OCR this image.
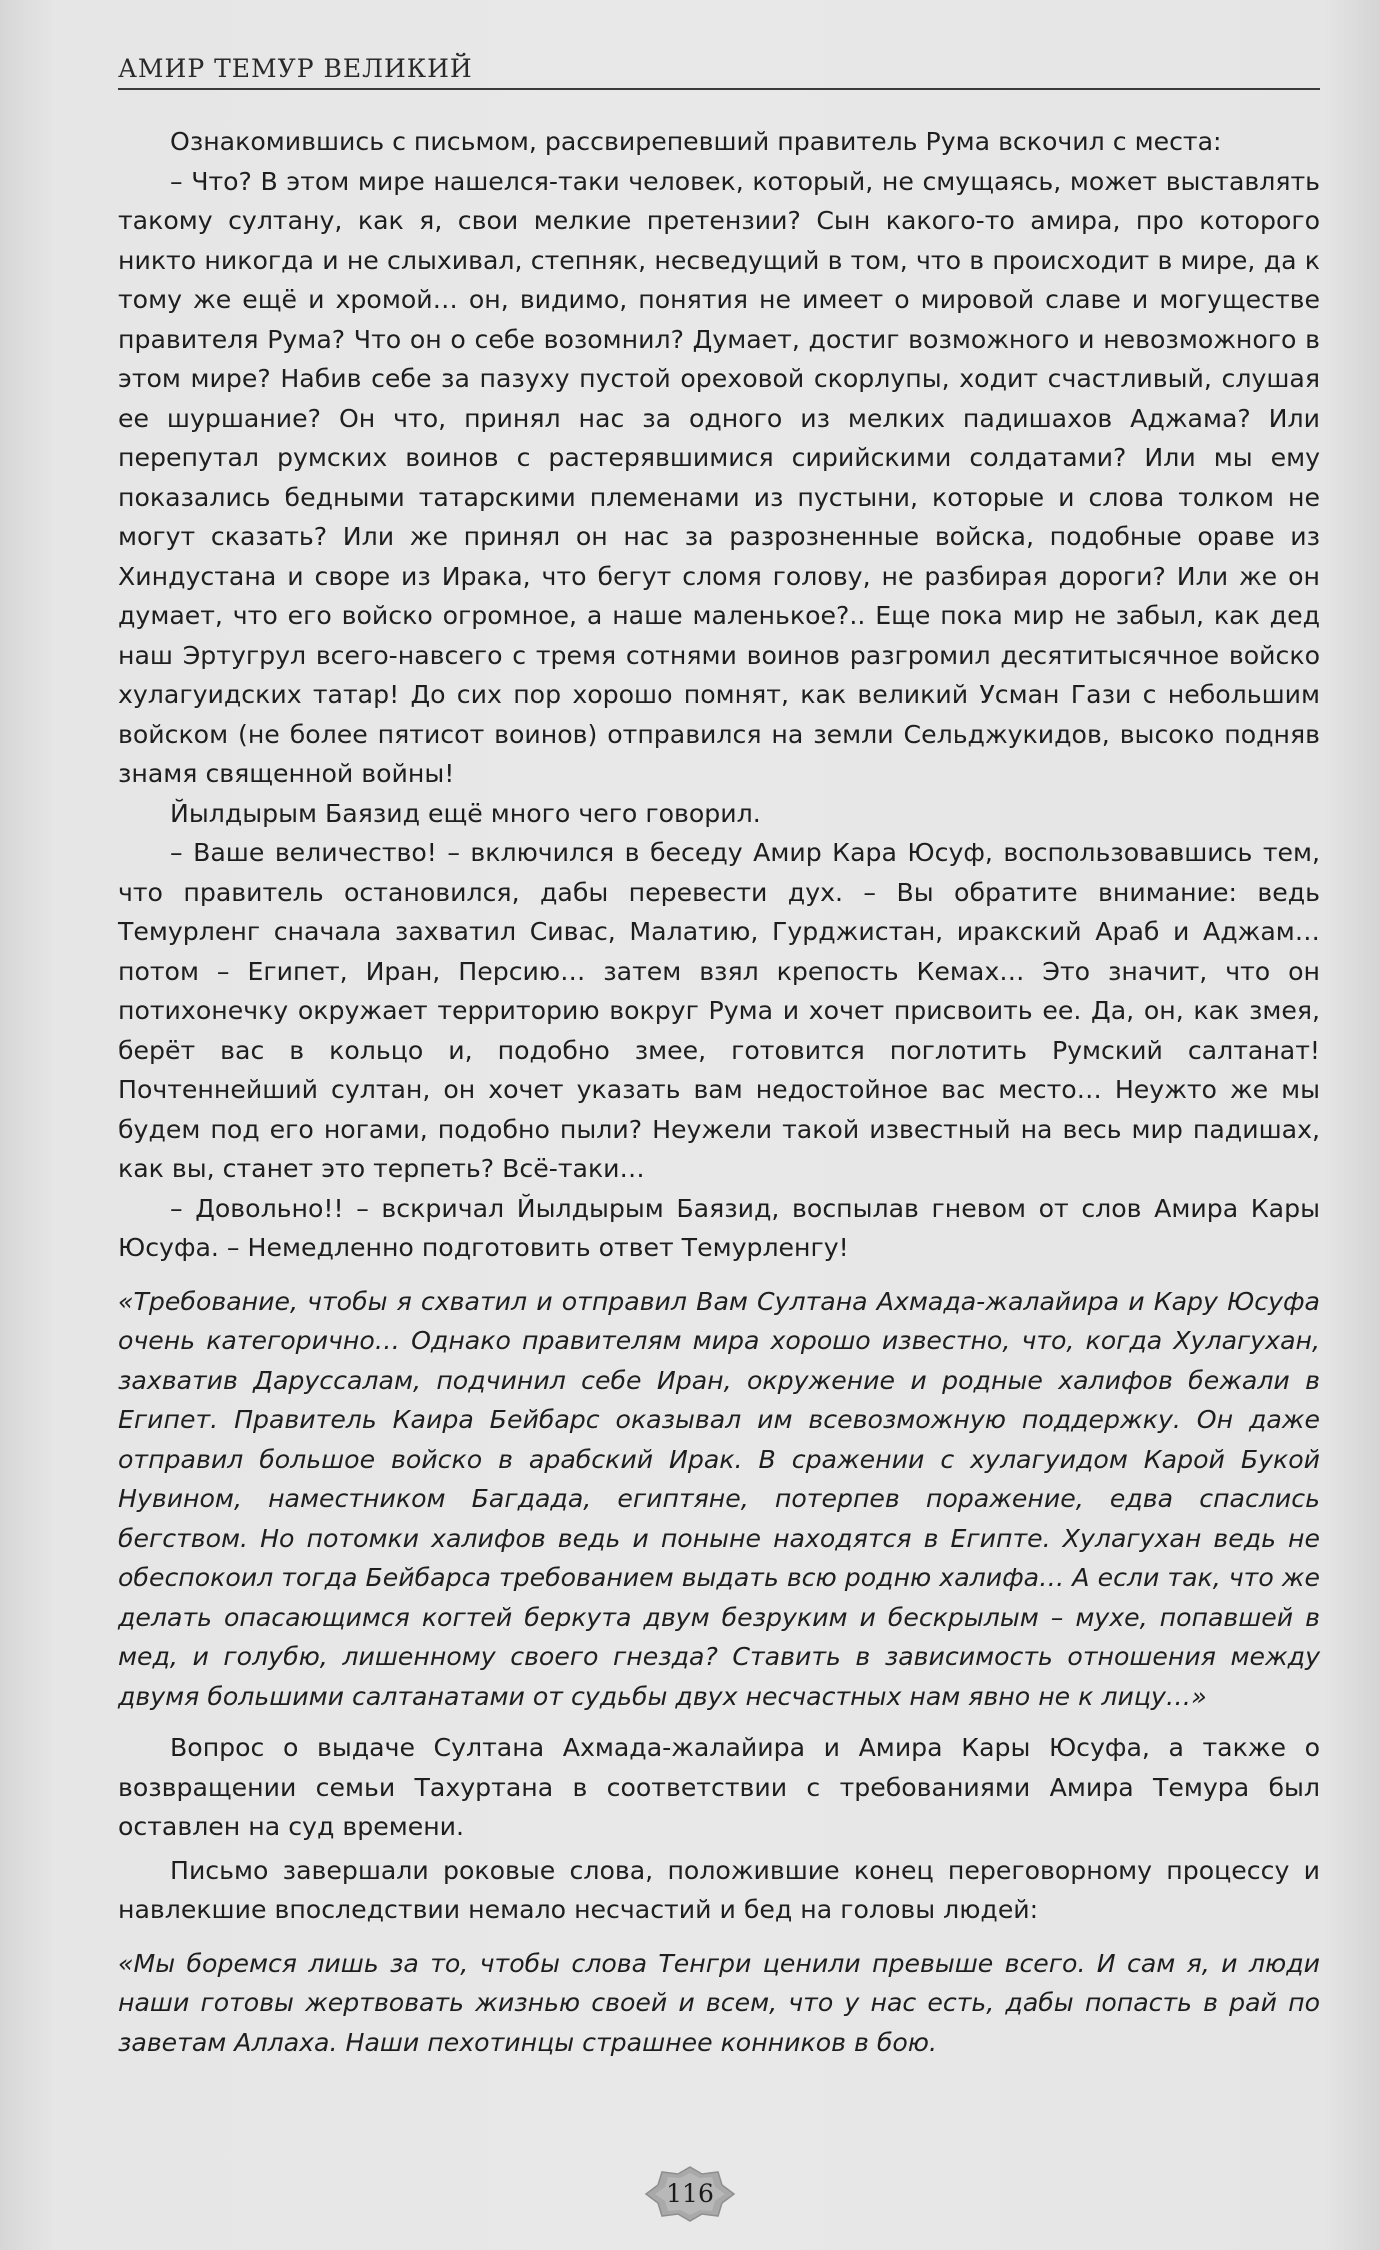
АМИР ТЕМУР ВЕЛИКИЙ

Ознакомившись с письмом, рассвирепевший правитель Рума вскочил с места:

– Что? В этом мире нашелся-таки человек, который, не смущаясь, может выставлять такому султану, как я, свои мелкие претензии? Сын какого-то амира, про которого никто никогда и не слыхивал, степняк, несведущий в том, что в происходит в мире, да к тому же ещё и хромой… он, видимо, понятия не имеет о мировой славе и могуществе правителя Рума? Что он о себе возомнил? Думает, достиг возможного и невозможного в этом мире? Набив себе за пазуху пустой ореховой скорлупы, ходит счастливый, слушая ее шуршание? Он что, принял нас за одного из мелких падишахов Аджама? Или перепутал румских воинов с растерявшимися сирийскими солдатами? Или мы ему показались бедными татарскими племенами из пустыни, которые и слова толком не могут сказать? Или же принял он нас за разрозненные войска, подобные ораве из Хиндустана и своре из Ирака, что бегут сломя голову, не разбирая дороги? Или же он думает, что его войско огромное, а наше маленькое?.. Еще пока мир не забыл, как дед наш Эртугрул всего-навсего с тремя сотнями воинов разгромил десятитысячное войско хулагуидских татар! До сих пор хорошо помнят, как великий Усман Гази с небольшим войском (не более пятисот воинов) отправился на земли Сельджукидов, высоко подняв знамя священной войны!

Йылдырым Баязид ещё много чего говорил.

– Ваше величество! – включился в беседу Амир Кара Юсуф, воспользовавшись тем, что правитель остановился, дабы перевести дух. – Вы обратите внимание: ведь Темурленг сначала захватил Сивас, Малатию, Гурджистан, иракский Араб и Аджам… потом – Египет, Иран, Персию… затем взял крепость Кемах… Это значит, что он потихонечку окружает территорию вокруг Рума и хочет присвоить ее. Да, он, как змея, берёт вас в кольцо и, подобно змее, готовится поглотить Румский салтанат! Почтеннейший султан, он хочет указать вам недостойное вас место… Неужто же мы будем под его ногами, подобно пыли? Неужели такой известный на весь мир падишах, как вы, станет это терпеть? Всё-таки…

– Довольно!! – вскричал Йылдырым Баязид, воспылав гневом от слов Амира Кары Юсуфа. – Немедленно подготовить ответ Темурленгу!

«Требование, чтобы я схватил и отправил Вам Султана Ахмада-жалайира и Кару Юсуфа очень категорично… Однако правителям мира хорошо известно, что, когда Хулагухан, захватив Даруссалам, подчинил себе Иран, окружение и родные халифов бежали в Египет. Правитель Каира Бейбарс оказывал им всевозможную поддержку. Он даже отправил большое войско в арабский Ирак. В сражении с хулагуидом Карой Букой Нувином, наместником Багдада, египтяне, потерпев поражение, едва спаслись бегством. Но потомки халифов ведь и поныне находятся в Египте. Хулагухан ведь не обеспокоил тогда Бейбарса требованием выдать всю родню халифа… А если так, что же делать опасающимся когтей беркута двум безруким и бескрылым – мухе, попавшей в мед, и голубю, лишенному своего гнезда? Ставить в зависимость отношения между двумя большими салтанатами от судьбы двух несчастных нам явно не к лицу…»

Вопрос о выдаче Султана Ахмада-жалайира и Амира Кары Юсуфа, а также о возвращении семьи Тахуртана в соответствии с требованиями Амира Темура был оставлен на суд времени.

Письмо завершали роковые слова, положившие конец переговорному процессу и навлекшие впоследствии немало несчастий и бед на головы людей:

«Мы боремся лишь за то, чтобы слова Тенгри ценили превыше всего. И сам я, и люди наши готовы жертвовать жизнью своей и всем, что у нас есть, дабы попасть в рай по заветам Аллаха. Наши пехотинцы страшнее конников в бою.

116
